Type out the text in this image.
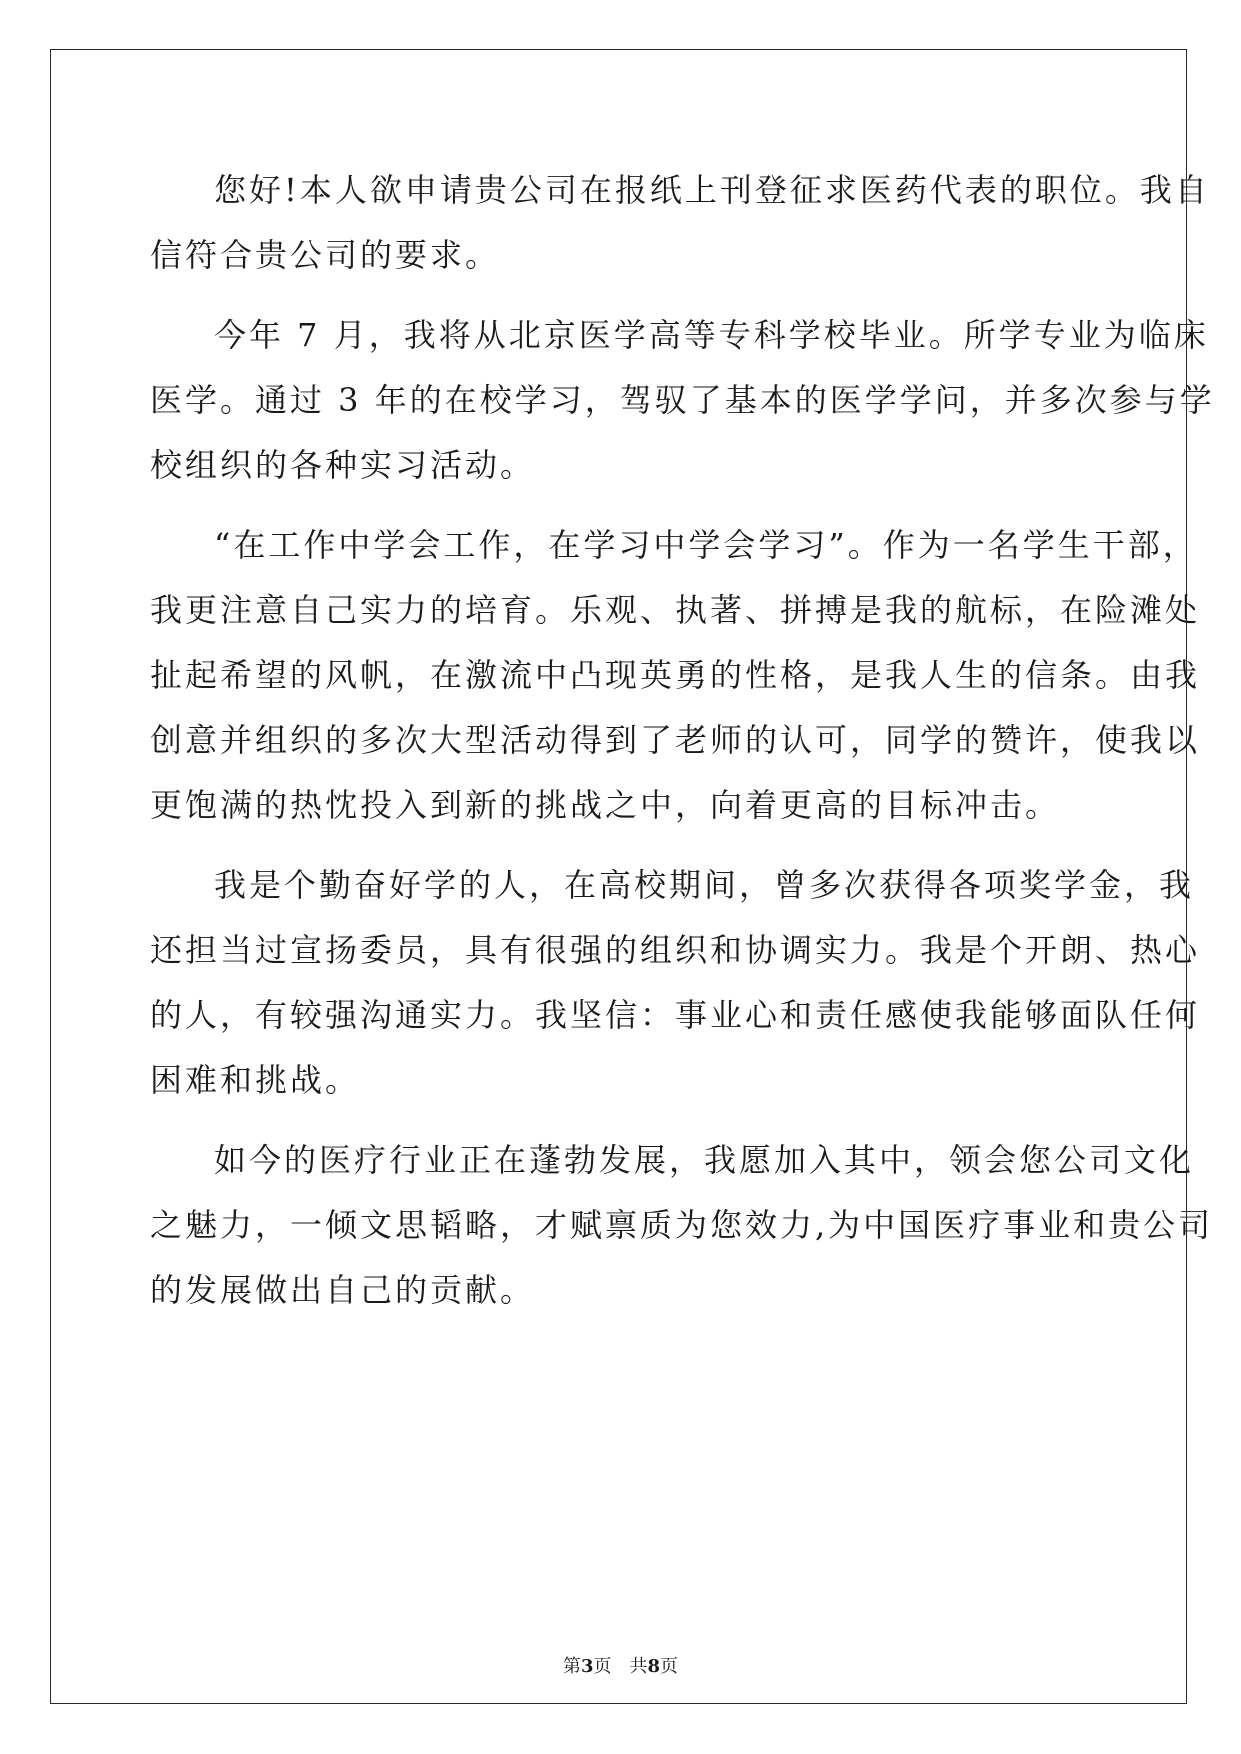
您好!本人欲申请贵公司在报纸上刊登征求医药代表的职位。我自

信符合贵公司的要求。

今年 7 月，我将从北京医学高等专科学校毕业。所学专业为临床

医学。通过 3 年的在校学习，驾驭了基本的医学学问，并多次参与学

校组织的各种实习活动。

“在工作中学会工作，在学习中学会学习”。作为一名学生干部，

我更注意自己实力的培育。乐观、执著、拼搏是我的航标，在险滩处

扯起希望的风帆，在激流中凸现英勇的性格，是我人生的信条。由我

创意并组织的多次大型活动得到了老师的认可，同学的赞许，使我以

更饱满的热忱投入到新的挑战之中，向着更高的目标冲击。

我是个勤奋好学的人，在高校期间，曾多次获得各项奖学金，我

还担当过宣扬委员，具有很强的组织和协调实力。我是个开朗、热心

的人，有较强沟通实力。我坚信：事业心和责任感使我能够面队任何

困难和挑战。

如今的医疗行业正在蓬勃发展，我愿加入其中，领会您公司文化

之魅力，一倾文思韬略，才赋禀质为您效力,为中国医疗事业和贵公司

的发展做出自己的贡献。

第3页　共8页
